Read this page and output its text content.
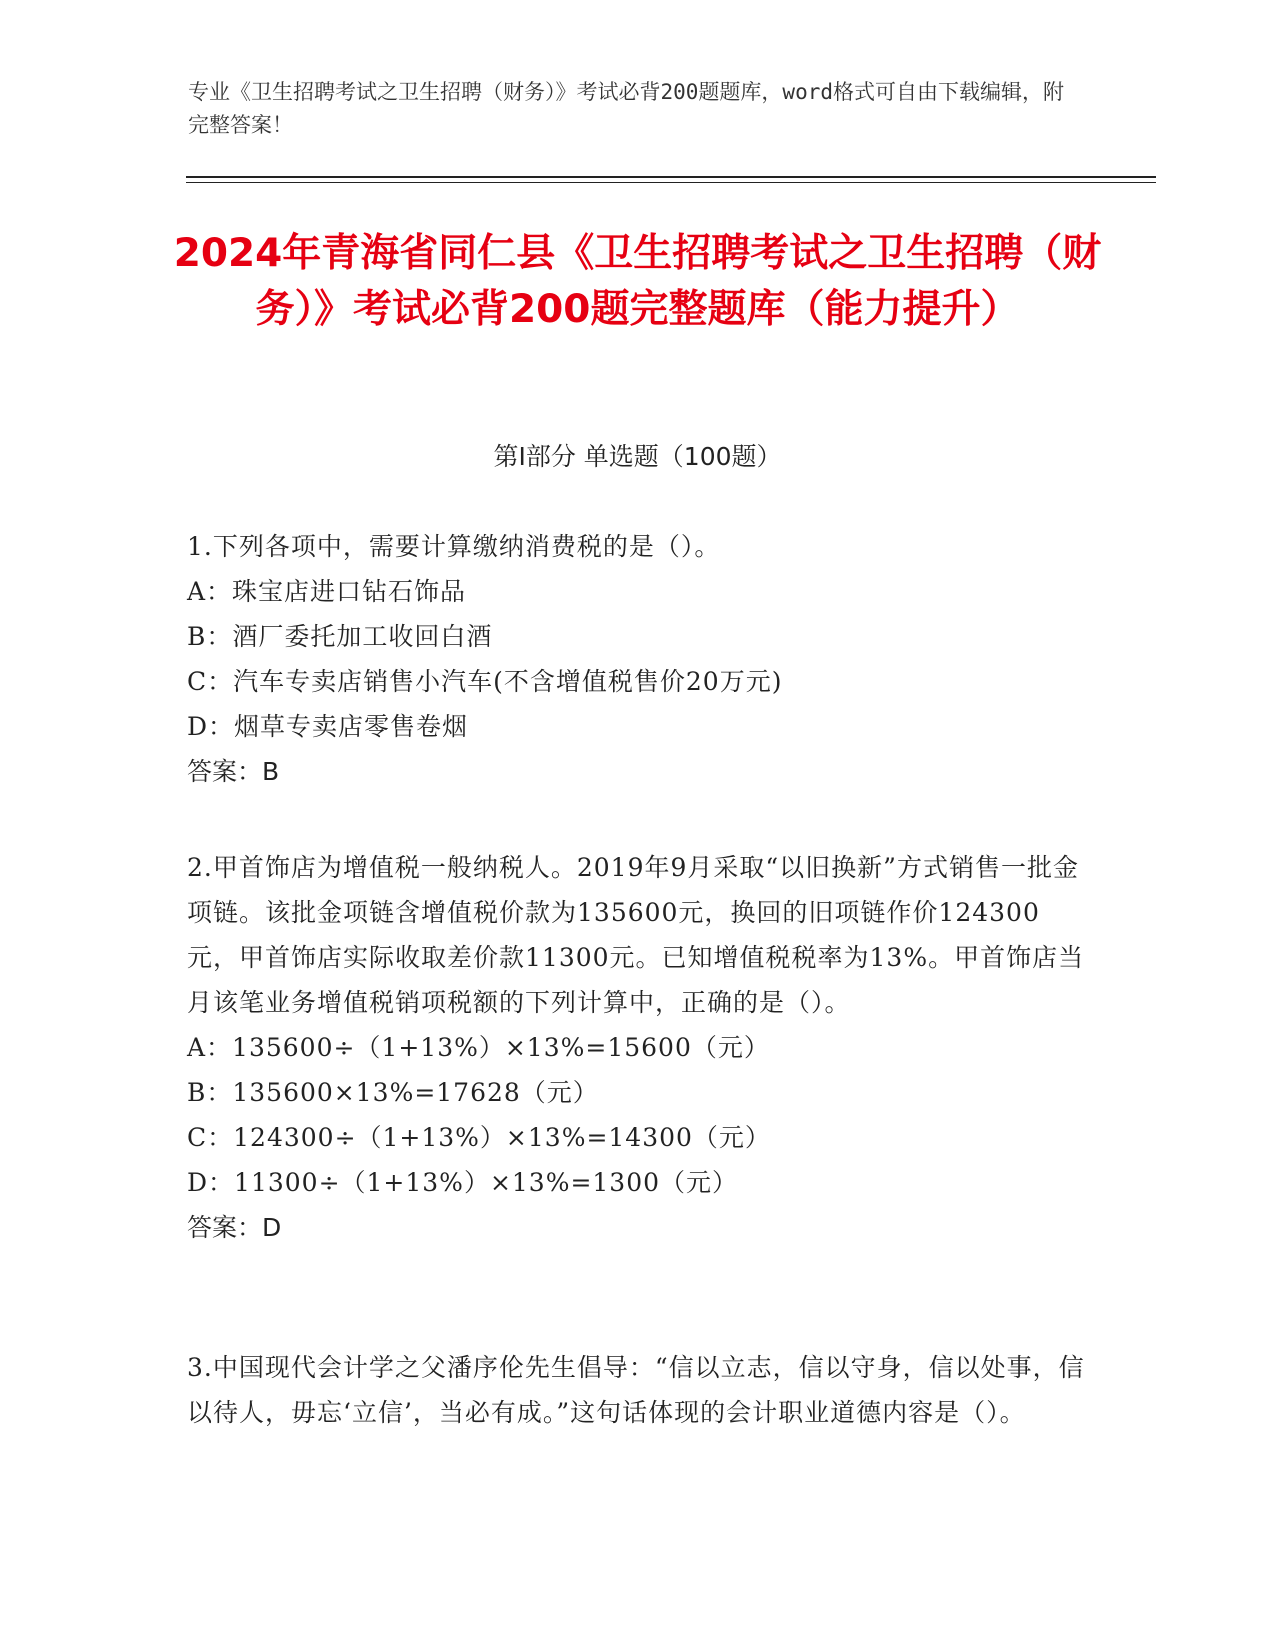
专业《卫生招聘考试之卫生招聘（财务）》考试必背200题题库，word格式可自由下载编辑，附完整答案！
2024年青海省同仁县《卫生招聘考试之卫生招聘（财务）》考试必背200题完整题库（能力提升）
第I部分 单选题（100题）
1.下列各项中，需要计算缴纳消费税的是（）。
A：珠宝店进口钻石饰品
B：酒厂委托加工收回白酒
C：汽车专卖店销售小汽车(不含增值税售价20万元)
D：烟草专卖店零售卷烟
答案：B
2.甲首饰店为增值税一般纳税人。2019年9月采取“以旧换新”方式销售一批金项链。该批金项链含增值税价款为135600元，换回的旧项链作价124300元，甲首饰店实际收取差价款11300元。已知增值税税率为13%。甲首饰店当月该笔业务增值税销项税额的下列计算中，正确的是（）。
A：135600÷（1+13%）×13%=15600（元）
B：135600×13%=17628（元）
C：124300÷（1+13%）×13%=14300（元）
D：11300÷（1+13%）×13%=1300（元）
答案：D
3.中国现代会计学之父潘序伦先生倡导：“信以立志，信以守身，信以处事，信以待人，毋忘‘立信’，当必有成。”这句话体现的会计职业道德内容是（）。
